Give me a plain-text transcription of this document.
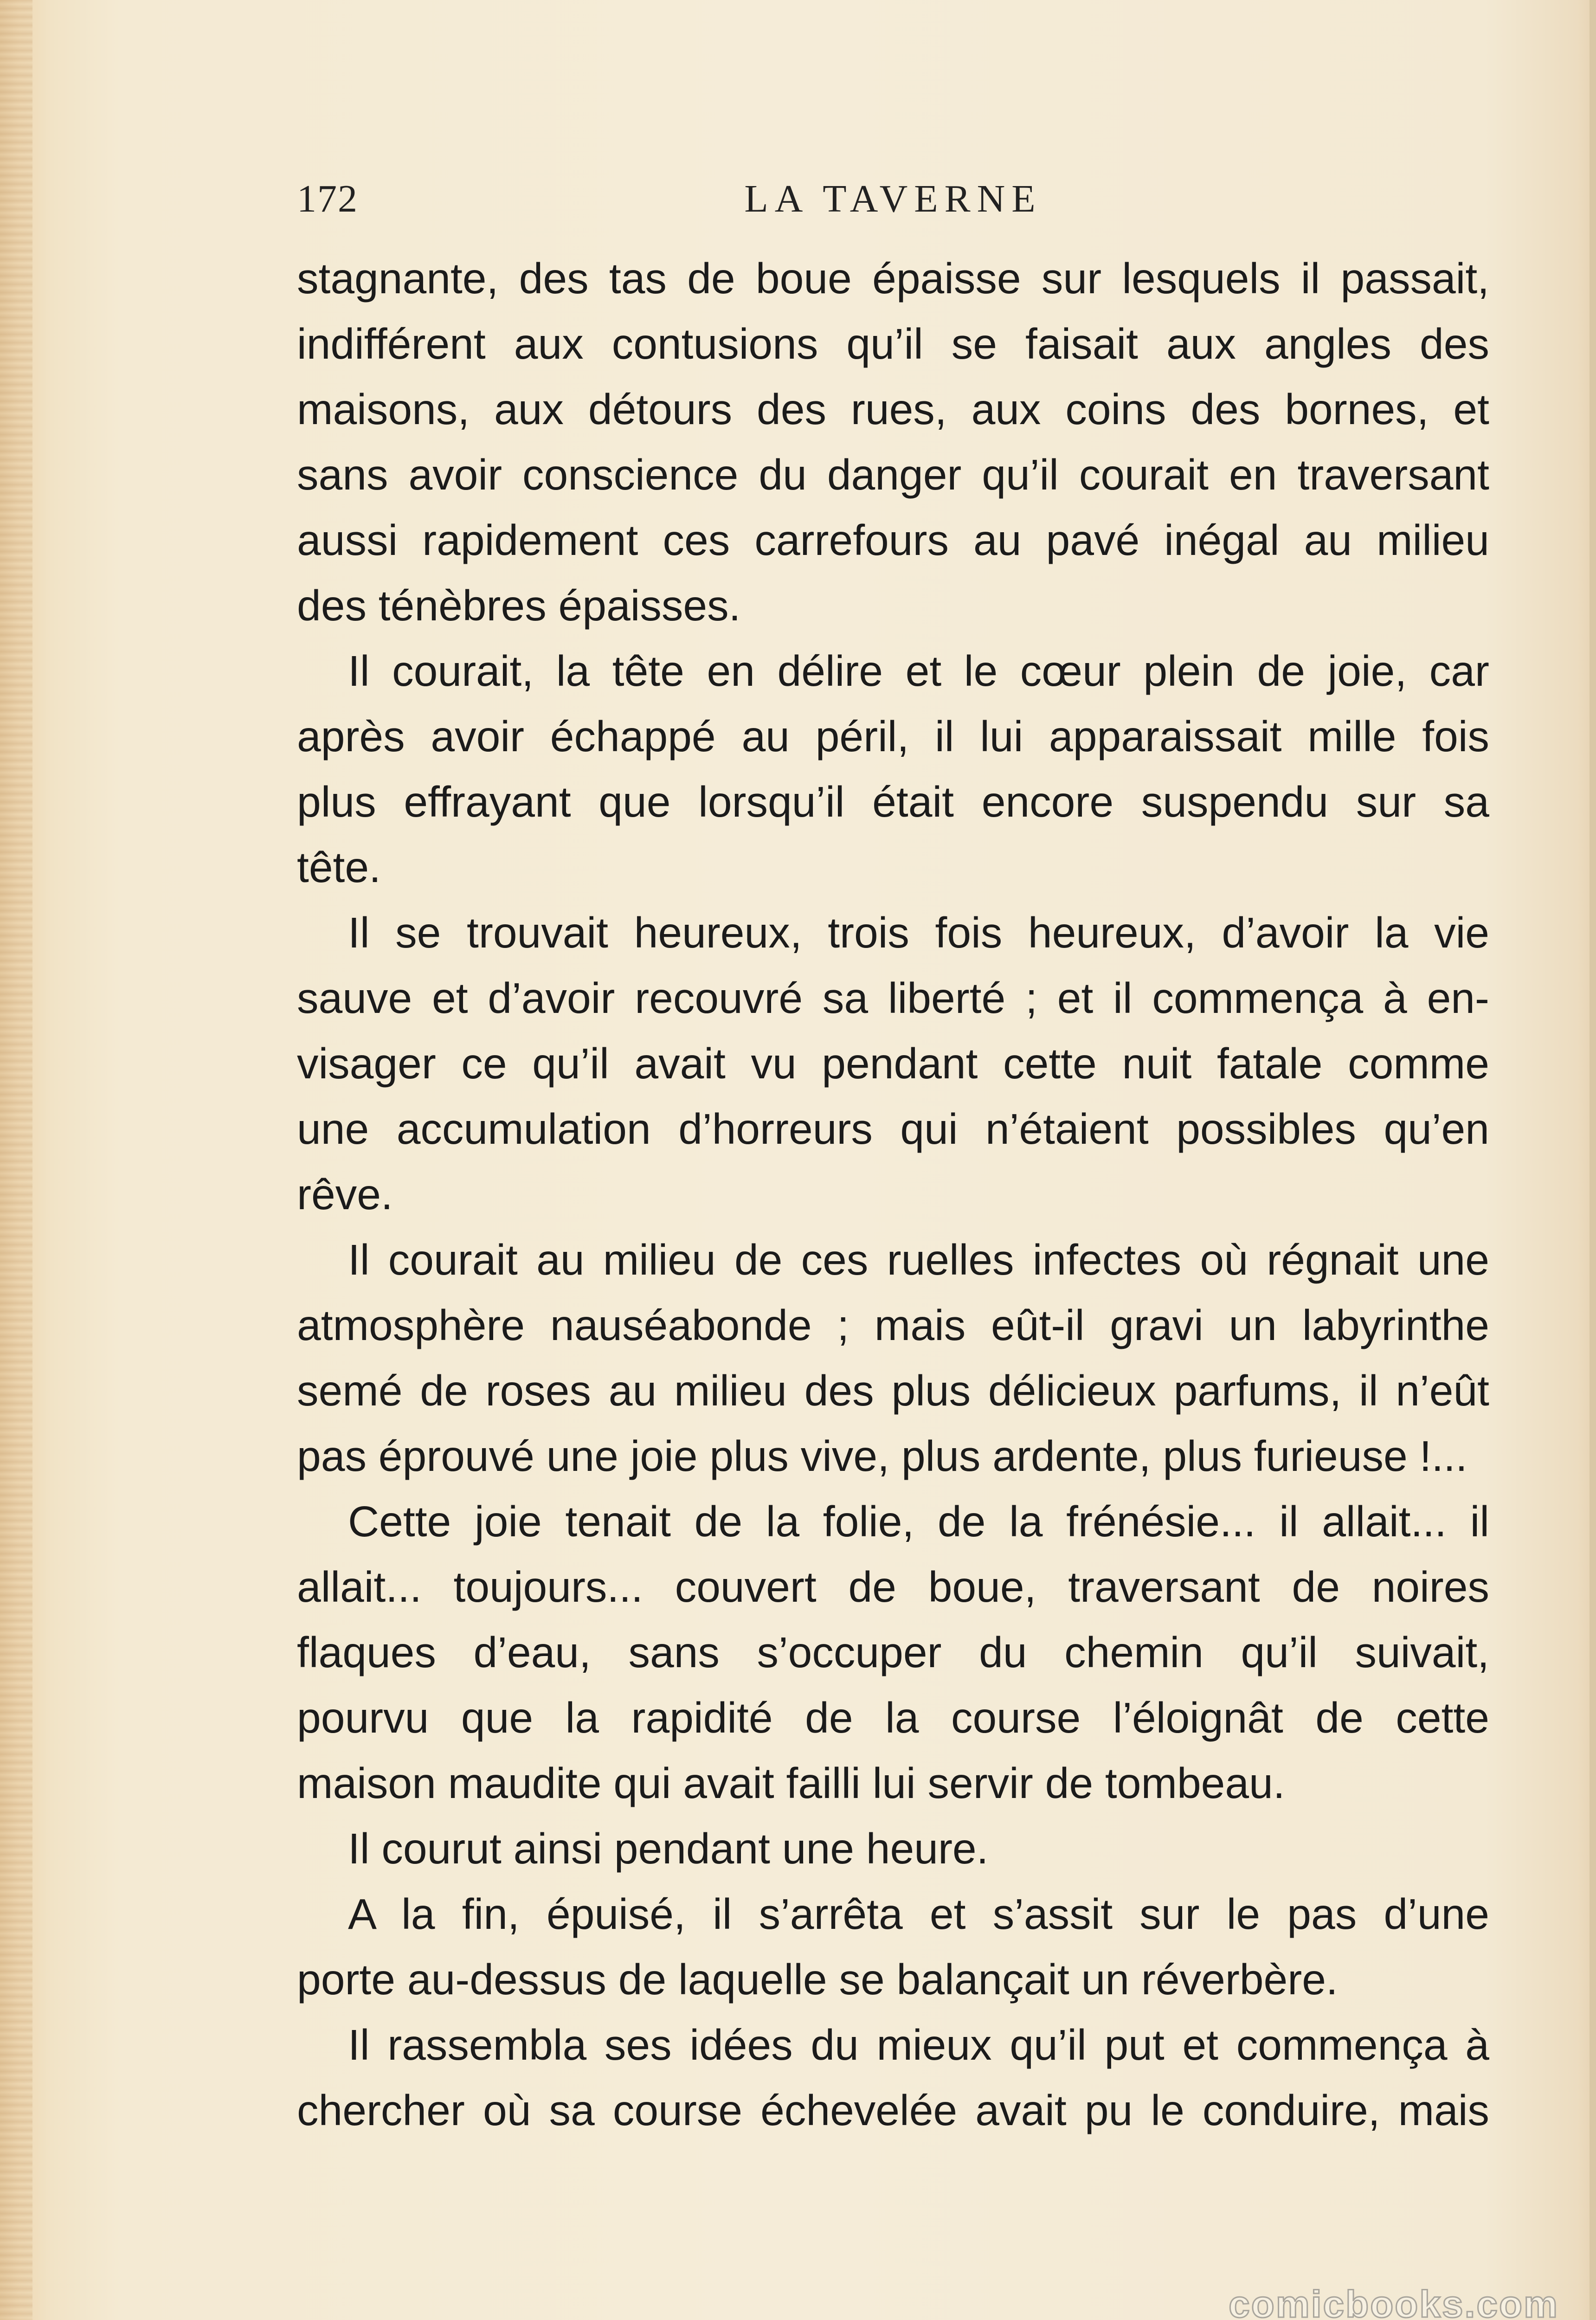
172	LA TAVERNE
stagnante, des tas de boue épaisse sur lesquels il passait,
indifférent aux contusions qu’il se faisait aux angles des
maisons, aux détours des rues, aux coins des bornes, et
sans avoir conscience du danger qu’il courait en traversant
aussi rapidement ces carrefours au pavé inégal au milieu
des ténèbres épaisses.
Il courait, la tête en délire et le cœur plein de joie, car
après avoir échappé au péril, il lui apparaissait mille fois
plus effrayant que lorsqu’il était encore suspendu sur sa
tête.
Il se trouvait heureux, trois fois heureux, d’avoir la vie
sauve et d’avoir recouvré sa liberté ; et il commença à en-
visager ce qu’il avait vu pendant cette nuit fatale comme
une accumulation d’horreurs qui n’étaient possibles qu’en
rêve.
Il courait au milieu de ces ruelles infectes où régnait une
atmosphère nauséabonde ; mais eût-il gravi un labyrinthe
semé de roses au milieu des plus délicieux parfums, il n’eût
pas éprouvé une joie plus vive, plus ardente, plus furieuse !...
Cette joie tenait de la folie, de la frénésie... il allait... il
allait... toujours... couvert de boue, traversant de noires
flaques d’eau, sans s’occuper du chemin qu’il suivait,
pourvu que la rapidité de la course l’éloignât de cette
maison maudite qui avait failli lui servir de tombeau.
Il courut ainsi pendant une heure.
A la fin, épuisé, il s’arrêta et s’assit sur le pas d’une
porte au-dessus de laquelle se balançait un réverbère.
Il rassembla ses idées du mieux qu’il put et commença à
chercher où sa course échevelée avait pu le conduire, mais
comicbooks.com
